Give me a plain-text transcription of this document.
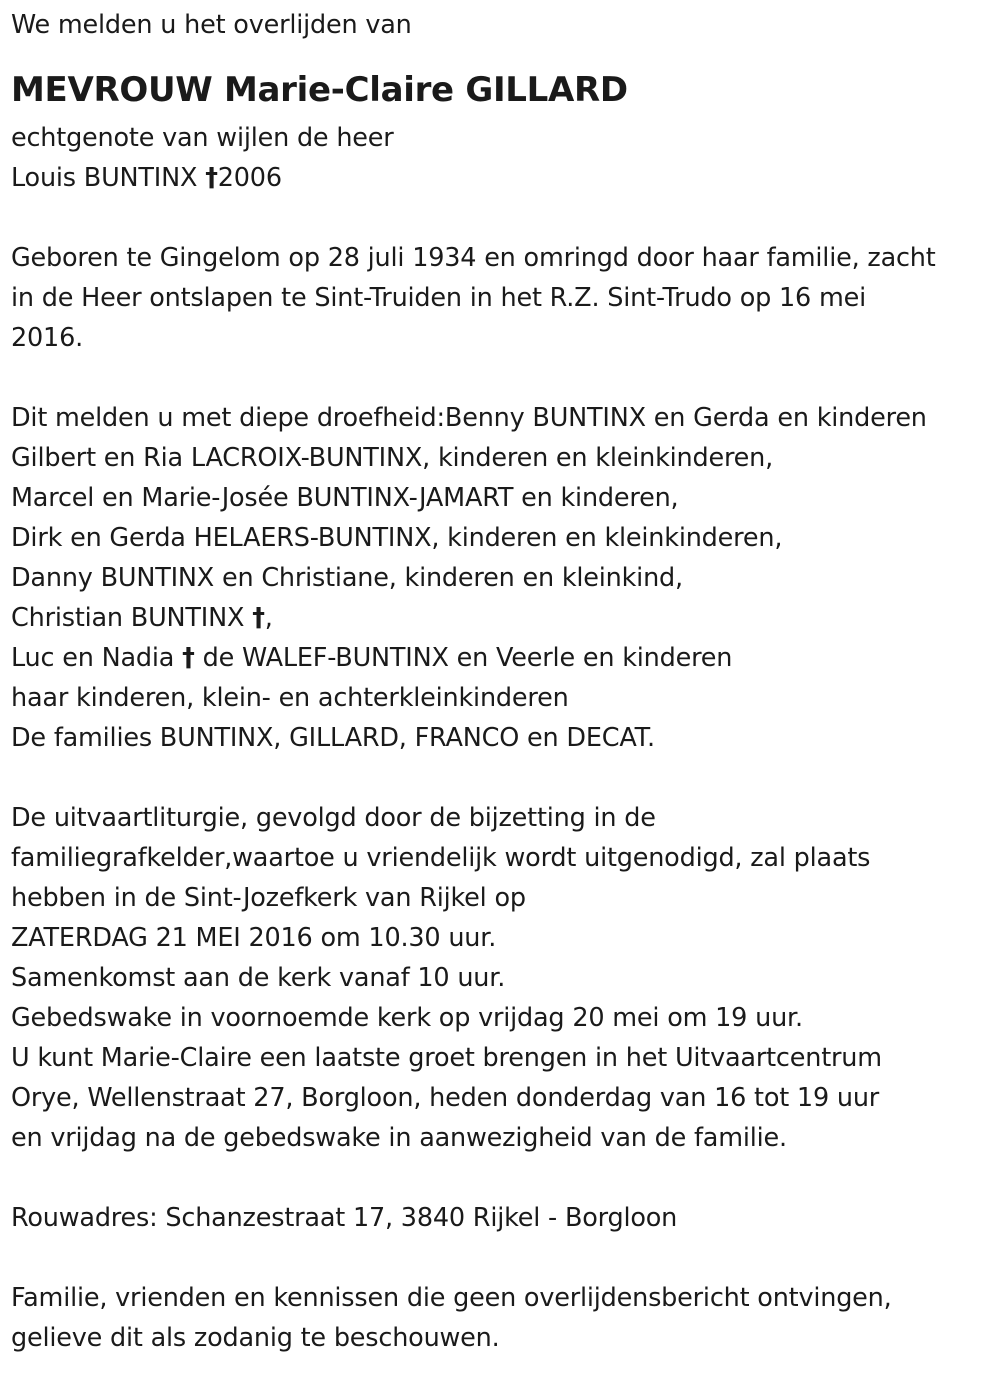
We melden u het overlijden van
MEVROUW Marie-Claire GILLARD
echtgenote van wijlen de heer
Louis BUNTINX †2006
Geboren te Gingelom op 28 juli 1934 en omringd door haar familie, zacht
in de Heer ontslapen te Sint-Truiden in het R.Z. Sint-Trudo op 16 mei
2016.
Dit melden u met diepe droefheid:Benny BUNTINX en Gerda en kinderen
Gilbert en Ria LACROIX-BUNTINX, kinderen en kleinkinderen,
Marcel en Marie-Josée BUNTINX-JAMART en kinderen,
Dirk en Gerda HELAERS-BUNTINX, kinderen en kleinkinderen,
Danny BUNTINX en Christiane, kinderen en kleinkind,
Christian BUNTINX †,
Luc en Nadia † de WALEF-BUNTINX en Veerle en kinderen
haar kinderen, klein- en achterkleinkinderen
De families BUNTINX, GILLARD, FRANCO en DECAT.
De uitvaartliturgie, gevolgd door de bijzetting in de
familiegrafkelder,waartoe u vriendelijk wordt uitgenodigd, zal plaats
hebben in de Sint-Jozefkerk van Rijkel op
ZATERDAG 21 MEI 2016 om 10.30 uur.
Samenkomst aan de kerk vanaf 10 uur.
Gebedswake in voornoemde kerk op vrijdag 20 mei om 19 uur.
U kunt Marie-Claire een laatste groet brengen in het Uitvaartcentrum
Orye, Wellenstraat 27, Borgloon, heden donderdag van 16 tot 19 uur
en vrijdag na de gebedswake in aanwezigheid van de familie.
Rouwadres: Schanzestraat 17, 3840 Rijkel - Borgloon
Familie, vrienden en kennissen die geen overlijdensbericht ontvingen,
gelieve dit als zodanig te beschouwen.
